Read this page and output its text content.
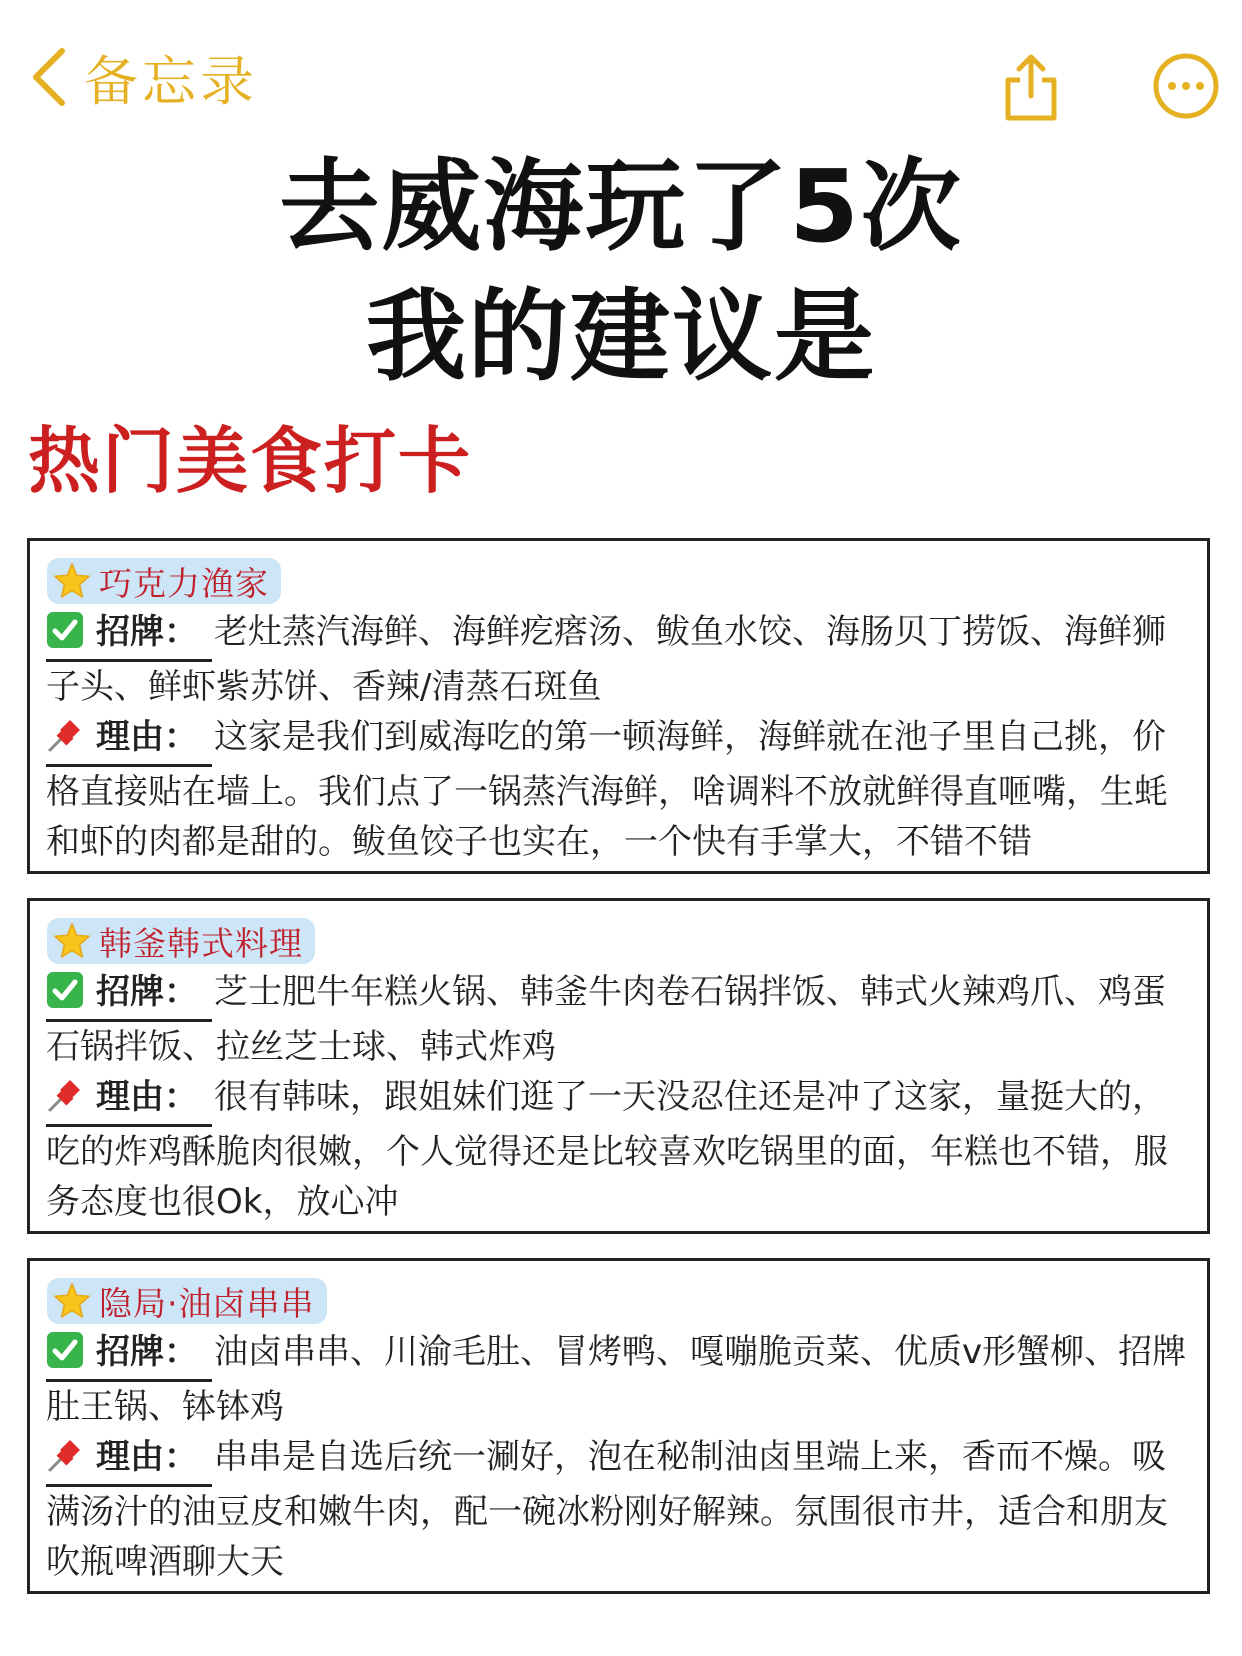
备忘录
去威海玩了5次
我的建议是
热门美食打卡
巧克力渔家

招牌： 老灶蒸汽海鲜、海鲜疙瘩汤、鲅鱼水饺、海肠贝丁捞饭、海鲜狮子头、鲜虾紫苏饼、香辣/清蒸石斑鱼

理由： 这家是我们到威海吃的第一顿海鲜，海鲜就在池子里自己挑，价格直接贴在墙上。我们点了一锅蒸汽海鲜，啥调料不放就鲜得直咂嘴，生蚝和虾的肉都是甜的。鲅鱼饺子也实在，一个快有手掌大，不错不错

韩釜韩式料理

招牌： 芝士肥牛年糕火锅、韩釜牛肉卷石锅拌饭、韩式火辣鸡爪、鸡蛋石锅拌饭、拉丝芝士球、韩式炸鸡

理由： 很有韩味，跟姐妹们逛了一天没忍住还是冲了这家，量挺大的，吃的炸鸡酥脆肉很嫩，个人觉得还是比较喜欢吃锅里的面，年糕也不错，服务态度也很Ok，放心冲

隐局·油卤串串

招牌： 油卤串串、川渝毛肚、冒烤鸭、嘎嘣脆贡菜、优质v形蟹柳、招牌肚王锅、钵钵鸡

理由： 串串是自选后统一涮好，泡在秘制油卤里端上来，香而不燥。吸满汤汁的油豆皮和嫩牛肉，配一碗冰粉刚好解辣。氛围很市井，适合和朋友吹瓶啤酒聊大天
